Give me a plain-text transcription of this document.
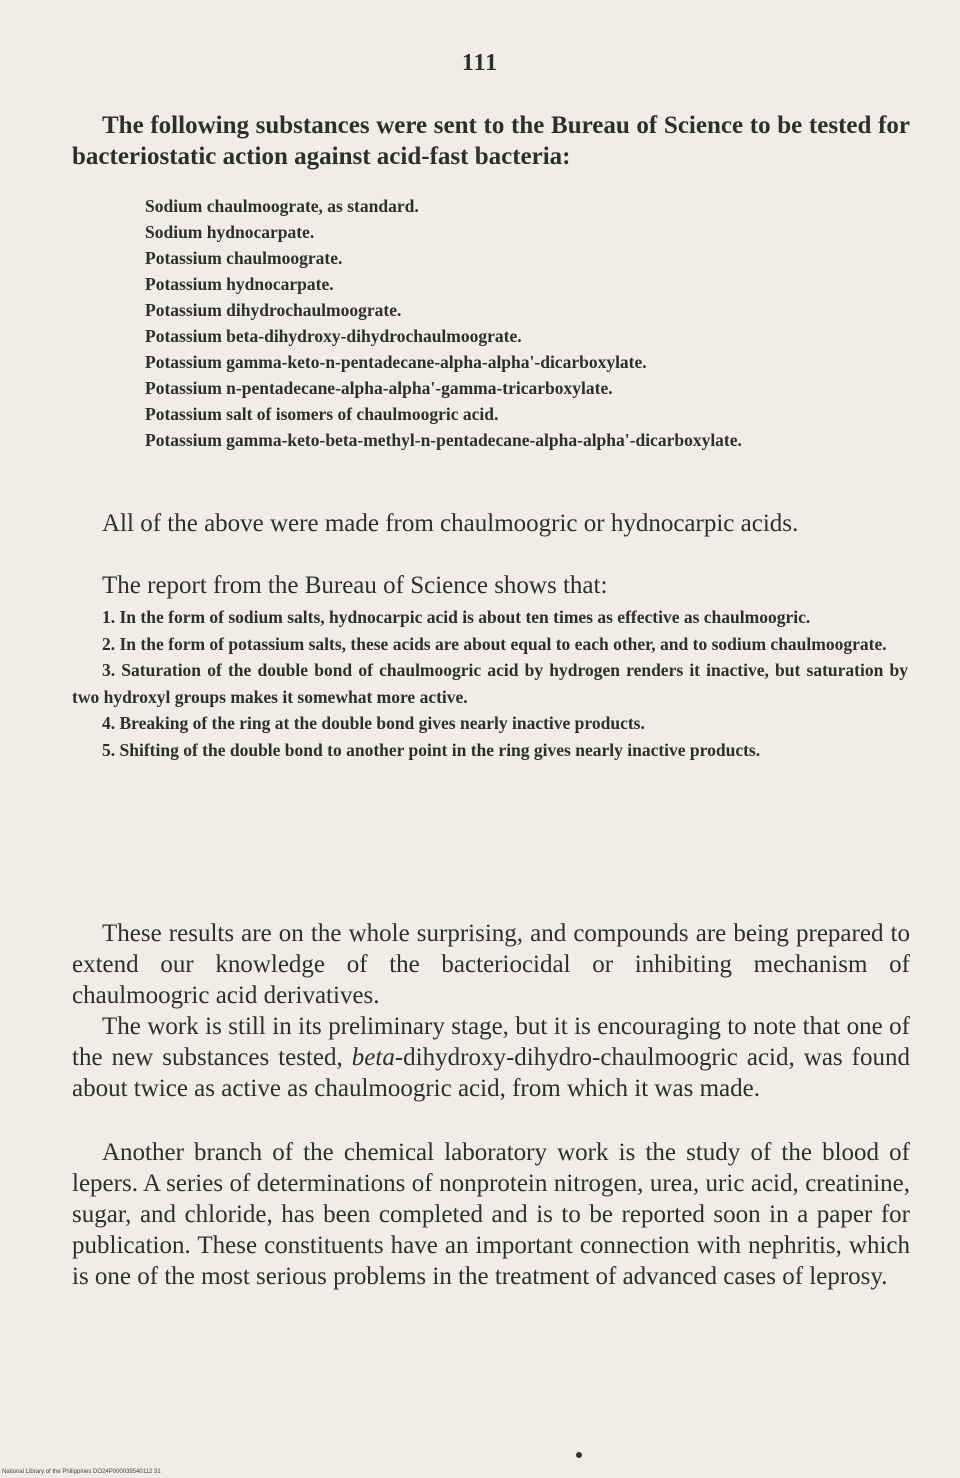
111

The following substances were sent to the Bureau of Science to be tested for bacteriostatic action against acid-fast bacteria:

Sodium chaulmoograte, as standard.
Sodium hydnocarpate.
Potassium chaulmoograte.
Potassium hydnocarpate.
Potassium dihydrochaulmoograte.
Potassium beta-dihydroxy-dihydrochaulmoograte.
Potassium gamma-keto-n-pentadecane-alpha-alpha'-dicarboxylate.
Potassium n-pentadecane-alpha-alpha'-gamma-tricarboxylate.
Potassium salt of isomers of chaulmoogric acid.
Potassium gamma-keto-beta-methyl-n-pentadecane-alpha-alpha'-dicarboxylate.

All of the above were made from chaulmoogric or hydnocarpic acids.

The report from the Bureau of Science shows that:

1. In the form of sodium salts, hydnocarpic acid is about ten times as effective as chaulmoogric.
2. In the form of potassium salts, these acids are about equal to each other, and to sodium chaulmoograte.
3. Saturation of the double bond of chaulmoogric acid by hydrogen renders it inactive, but saturation by two hydroxyl groups makes it somewhat more active.
4. Breaking of the ring at the double bond gives nearly inactive products.
5. Shifting of the double bond to another point in the ring gives nearly inactive products.

These results are on the whole surprising, and compounds are being prepared to extend our knowledge of the bacteriocidal or inhibiting mechanism of chaulmoogric acid derivatives.

The work is still in its preliminary stage, but it is encouraging to note that one of the new substances tested, beta-dihydroxy-dihydro-chaulmoogric acid, was found about twice as active as chaulmoogric acid, from which it was made.

Another branch of the chemical laboratory work is the study of the blood of lepers. A series of determinations of nonprotein nitrogen, urea, uric acid, creatinine, sugar, and chloride, has been completed and is to be reported soon in a paper for publication. These constituents have an important connection with nephritis, which is one of the most serious problems in the treatment of advanced cases of leprosy.

National Library of the Philippines DO24P000039540112 31
